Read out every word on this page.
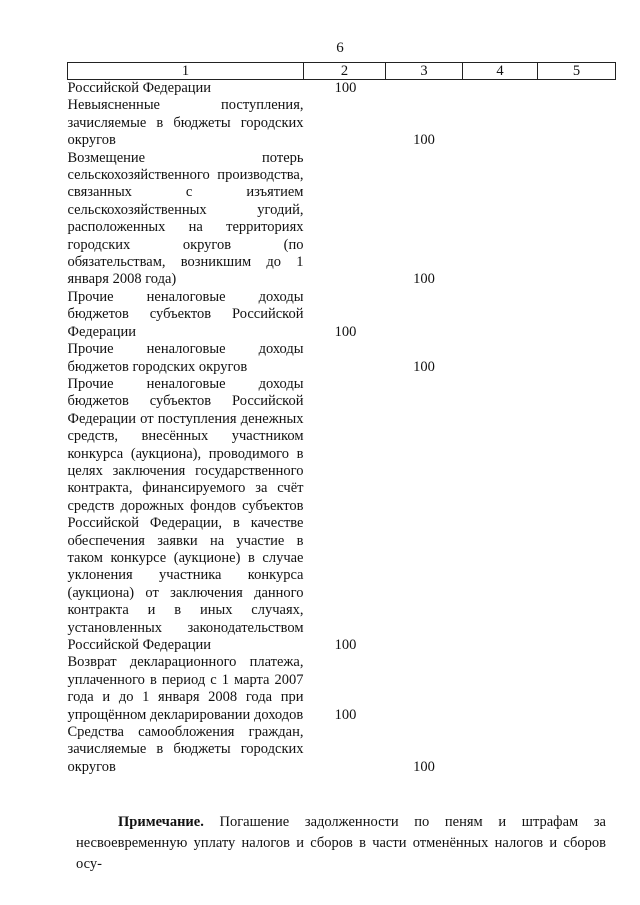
6
1	2	3	4	5
Российской Федерации	100			
Невыясненные поступления, зачисляемые в бюджеты городских округов		100		
Возмещение потерь сельскохозяйственного производства, связанных с изъятием сельскохозяйственных угодий, расположенных на территориях городских округов (по обязательствам, возникшим до 1 января 2008 года)		100		
Прочие неналоговые доходы бюджетов субъектов Российской Федерации	100			
Прочие неналоговые доходы бюджетов городских округов		100		
Прочие неналоговые доходы бюджетов субъектов Российской Федерации от поступления денежных средств, внесённых участником конкурса (аукциона), проводимого в целях заключения государственного контракта, финансируемого за счёт средств дорожных фондов субъектов Российской Федерации, в качестве обеспечения заявки на участие в таком конкурсе (аукционе) в случае уклонения участника конкурса (аукциона) от заключения данного контракта и в иных случаях, установленных законодательством Российской Федерации	100			
Возврат декларационного платежа, уплаченного в период с 1 марта 2007 года и до 1 января 2008 года при упрощённом декларировании доходов	100			
Средства самообложения граждан, зачисляемые в бюджеты городских округов		100		
Примечание. Погашение задолженности по пеням и штрафам за несвоевременную уплату налогов и сборов в части отменённых налогов и сборов осу-
